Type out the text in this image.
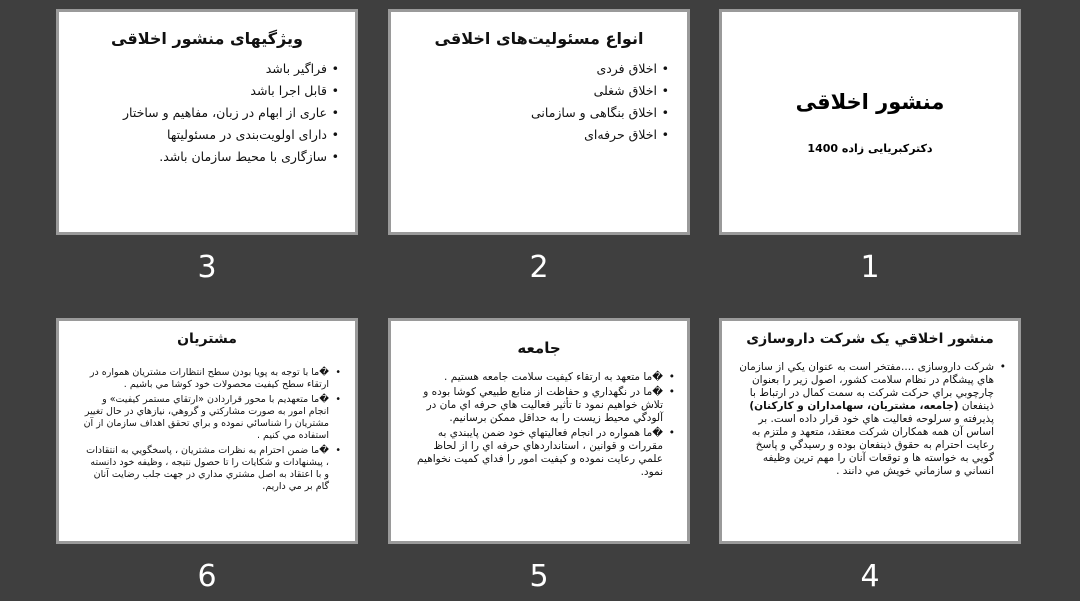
منشور اخلاقی
دکترکبریایی زاده 1400
1
انواع مسئولیت‌های اخلاقی
• اخلاق فردی
• اخلاق شغلی
• اخلاق بنگاهی و سازمانی
• اخلاق حرفه‌ای
2
ویژگیهای منشور اخلاقی
• فراگیر باشد
• قابل اجرا باشد
• عاری از ابهام در زبان، مفاهیم و ساختار
• دارای اولویت‌بندی در مسئولیتها
• سازگاری با محیط سازمان باشد.
3
منشور اخلاقي يک شرکت داروسازی
• شرکت داروسازی ....مفتخر است به عنوان يکي از سازمان هاي پيشگام در نظام سلامت کشور، اصول زير را بعنوان چارچوبي براي حرکت شرکت به سمت کمال در ارتباط با ذينفعان (جامعه، مشتريان، سهامداران و کارکنان) پذيرفته و سرلوحه فعاليت هاي خود قرار داده است. بر اساس آن همه همکاران شرکت معتقد، متعهد و ملتزم به رعايت احترام به حقوق ذينفعان بوده و رسيدگي و پاسخ گويي به خواسته ها و توقعات آنان را مهم ترين وظيفه انساني و سازماني خويش مي دانند .
4
جامعه
• �ما متعهد به ارتقاء کيفيت سلامت جامعه هستيم .
• �ما در نگهداري و حفاظت از منابع طبيعي کوشا بوده و تلاش خواهيم نمود تا تأثير فعاليت هاي حرفه اي مان در آلودگي محيط زيست را به حداقل ممکن برسانيم.
• �ما همواره در انجام فعاليتهاي خود ضمن پايبندي به مقررات و قوانين ، استانداردهاي حرفه اي را از لحاظ علمي رعايت نموده و کيفيت امور را فداي کميت نخواهيم نمود.
5
مشتريان
• �ما با توجه به پويا بودن سطح انتظارات مشتريان همواره در ارتقاء سطح کيفيت محصولات خود کوشا مي باشيم .
• �ما متعهديم با محور قراردادن «ارتقاي مستمر کيفيت» و انجام امور به صورت مشارکتي و گروهي، نيازهاي در حال تغيير مشتريان را شناسائي نموده و براي تحقق اهداف سازمان از آن استفاده مي کنيم .
• �ما ضمن احترام به نظرات مشتريان ، پاسخگويي به انتقادات ، پيشنهادات و شکايات را تا حصول نتيجه ، وظيفه خود دانسته و با اعتقاد به اصل مشتري مداري در جهت جلب رضايت آنان گام بر مي داريم.
6
